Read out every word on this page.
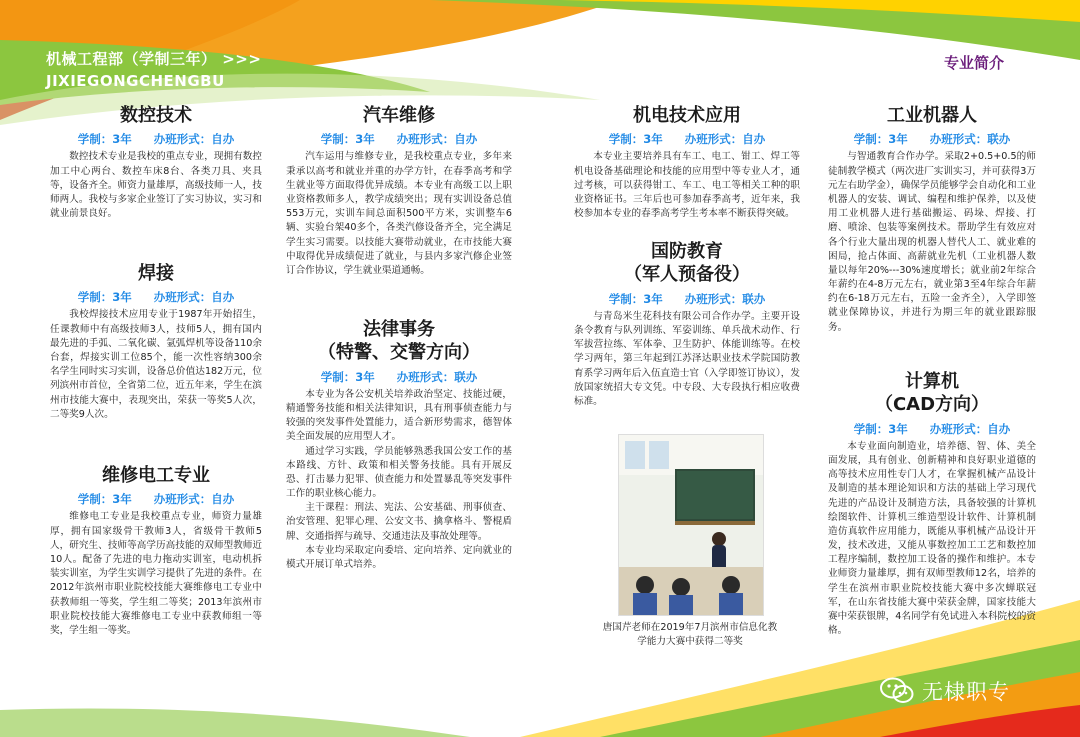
机械工程部（学制三年） >>>
JIXIEGONGCHENGBU
专业简介
数控技术
学制：3年 办班形式：自办

数控技术专业是我校的重点专业，现拥有数控加工中心两台、数控车床8台、各类刀具、夹具等，设备齐全。师资力量雄厚，高级技师一人，技师两人。我校与多家企业签订了实习协议，实习和就业前景良好。

焊接
学制：3年 办班形式：自办

我校焊接技术应用专业于1987年开始招生，任课教师中有高级技师3人，技师5人，拥有国内最先进的手弧、二氧化碳、氩弧焊机等设备110余台套，焊接实训工位85个，能一次性容纳300余名学生同时实习实训，设备总价值达182万元，位列滨州市首位，全省第二位，近五年来，学生在滨州市技能大赛中，表现突出，荣获一等奖5人次，二等奖9人次。

维修电工专业
学制：3年 办班形式：自办

维修电工专业是我校重点专业，师资力量雄厚，拥有国家级骨干教师3人，省级骨干教师5人，研究生、技师等高学历高技能的双师型教师近10人。配备了先进的电力拖动实训室，电动机拆装实训室，为学生实训学习提供了先进的条件。在2012年滨州市职业院校技能大赛维修电工专业中获教师组一等奖，学生组二等奖；2013年滨州市职业院校技能大赛维修电工专业中获教师组一等奖，学生组一等奖。

汽车维修
学制：3年 办班形式：自办

汽车运用与维修专业，是我校重点专业，多年来秉承以高考和就业并重的办学方针，在春季高考和学生就业等方面取得优异成绩。本专业有高级工以上职业资格教师多人，教学成绩突出；现有实训设备总值553万元，实训车间总面积500平方米，实训整车6辆、实验台架40多个，各类汽修设备齐全，完全满足学生实习需要。以技能大赛带动就业，在市技能大赛中取得优异成绩促进了就业，与县内多家汽修企业签订合作协议，学生就业渠道通畅。

法律事务
（特警、交警方向）
学制：3年 办班形式：联办

本专业为各公安机关培养政治坚定、技能过硬，精通警务技能和相关法律知识，具有刑事侦查能力与较强的突发事件处置能力，适合新形势需求，德智体美全面发展的应用型人才。

通过学习实践，学员能够熟悉我国公安工作的基本路线、方针、政策和相关警务技能。具有开展反恐、打击暴力犯罪、侦查能力和处置暴乱等突发事件工作的职业核心能力。

主干课程：刑法、宪法、公安基础、刑事侦查、治安管理、犯罪心理、公安文书、擒拿格斗、警棍盾牌、交通指挥与疏导、交通违法及事故处理等。

本专业均采取定向委培、定向培养、定向就业的模式开展订单式培养。

机电技术应用
学制：3年 办班形式：自办

本专业主要培养具有车工、电工、钳工、焊工等机电设备基础理论和技能的应用型中等专业人才，通过考核，可以获得钳工、车工、电工等相关工种的职业资格证书。三年后也可参加春季高考，近年来，我校参加本专业的春季高考学生考本率不断获得突破。

国防教育
（军人预备役）
学制：3年 办班形式：联办

与青岛米生花科技有限公司合作办学。主要开设条令教育与队列训练、军姿训练、单兵战术动作、行军拔营拉练、军体拳、卫生防护、体能训练等。在校学习两年，第三年起到江苏泽达职业技术学院国防教育系学习两年后入伍直造士官（入学即签订协议），发放国家统招大专文凭。中专段、大专段执行相应收费标准。

唐国芹老师在2019年7月滨州市信息化教学能力大赛中获得二等奖
工业机器人
学制：3年 办班形式：联办

与智通教育合作办学。采取2+0.5+0.5的师徒制教学模式（两次进厂实训实习，并可获得3万元左右助学金），确保学员能够学会自动化和工业机器人的安装、调试、编程和维护保养，以及使用工业机器人进行基础搬运、码垛、焊接、打磨、喷涂、包装等案例技术。帮助学生有效应对各个行业大量出现的机器人替代人工、就业难的困局，抢占体面、高薪就业先机（工业机器人数量以每年20%---30%速度增长；就业前2年综合年薪约在4-8万元左右，就业第3至4年综合年薪约在6-18万元左右，五险一金齐全），入学即签就业保障协议，并进行为期三年的就业跟踪服务。

计算机
（CAD方向）
学制：3年 办班形式：自办

本专业面向制造业，培养德、智、体、美全面发展，具有创业、创新精神和良好职业道德的高等技术应用性专门人才，在掌握机械产品设计及制造的基本理论知识和方法的基础上学习现代先进的产品设计及制造方法，具备较强的计算机绘图软件、计算机三维造型设计软件、计算机制造仿真软件应用能力，既能从事机械产品设计开发，技术改进，又能从事数控加工工艺和数控加工程序编制，数控加工设备的操作和维护。本专业师资力量雄厚，拥有双师型教师12名，培养的学生在滨州市职业院校技能大赛中多次蝉联冠军，在山东省技能大赛中荣获金牌，国家技能大赛中荣获银牌，4名同学有免试进入本科院校的资格。

无棣职专
